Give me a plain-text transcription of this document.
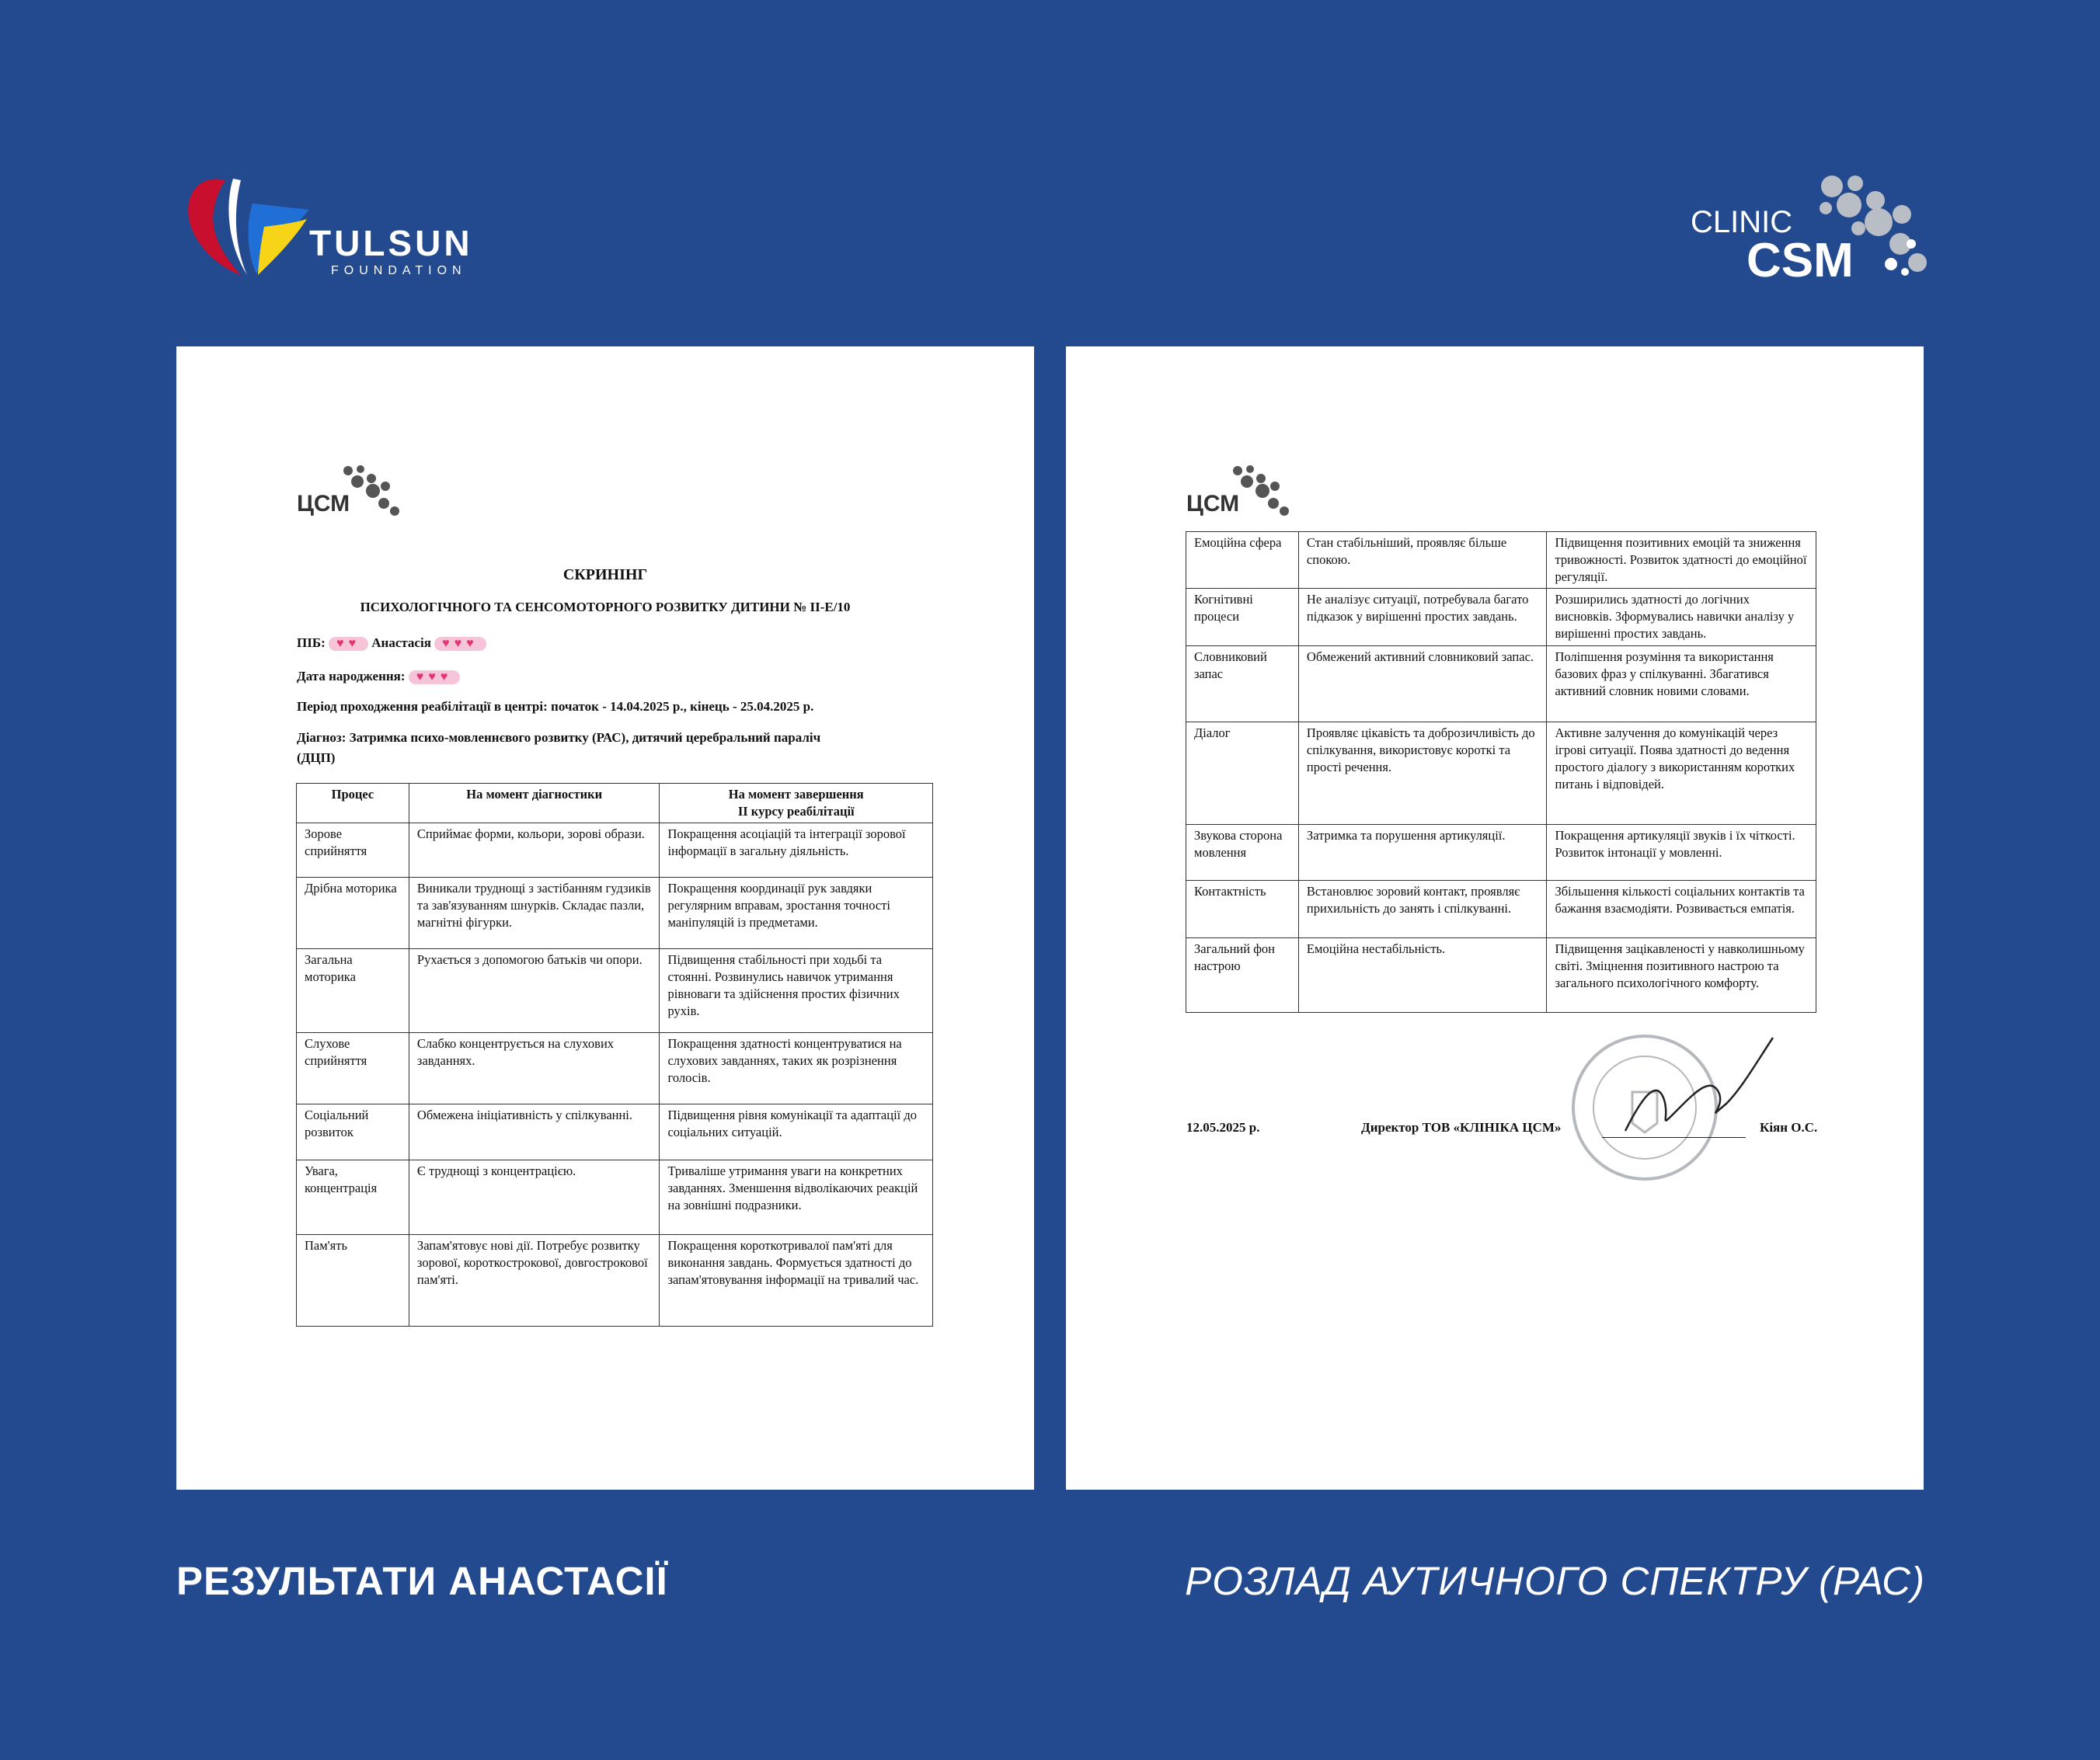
TULSUN
FOUNDATION
CLINIC
CSM
ЦСМ
СКРИНІНГ
ПСИХОЛОГІЧНОГО ТА СЕНСОМОТОРНОГО РОЗВИТКУ ДИТИНИ № ІІ-Е/10
ПІБ: ♥♥ Анастасія ♥♥♥
Дата народження: ♥♥♥
Період проходження реабілітації в центрі: початок - 14.04.2025 р., кінець - 25.04.2025 р.
Діагноз: Затримка психо-мовленнєвого розвитку (РАС), дитячий церебральний параліч
(ДЦП)
Процес	На момент діагностики	На момент завершення
ІІ курсу реабілітації
Зорове сприйняття	Сприймає форми, кольори, зорові образи.	Покращення асоціацій та інтеграції зорової інформації в загальну діяльність.
Дрібна моторика	Виникали труднощі з застібанням гудзиків та зав'язуванням шнурків. Складає пазли, магнітні фігурки.	Покращення координації рук завдяки регулярним вправам, зростання точності маніпуляцій із предметами.
Загальна моторика	Рухається з допомогою батьків чи опори.	Підвищення стабільності при ходьбі та стоянні. Розвинулись навичок утримання рівноваги та здійснення простих фізичних рухів.
Слухове сприйняття	Слабко концентрується на слухових завданнях.	Покращення здатності концентруватися на слухових завданнях, таких як розрізнення голосів.
Соціальний розвиток	Обмежена ініціативність у спілкуванні.	Підвищення рівня комунікації та адаптації до соціальних ситуацій.
Увага, концентрація	Є труднощі з концентрацією.	Триваліше утримання уваги на конкретних завданнях. Зменшення відволікаючих реакцій на зовнішні подразники.
Пам'ять	Запам'ятовує нові дії. Потребує розвитку зорової, короткострокової, довгострокової пам'яті.	Покращення короткотривалої пам'яті для виконання завдань. Формується здатності до запам'ятовування інформації на тривалий час.
ЦСМ
Емоційна сфера	Стан стабільніший, проявляє більше спокою.	Підвищення позитивних емоцій та зниження тривожності. Розвиток здатності до емоційної регуляції.
Когнітивні процеси	Не аналізує ситуації, потребувала багато підказок у вирішенні простих завдань.	Розширились здатності до логічних висновків. Зформувались навички аналізу у вирішенні простих завдань.
Словниковий запас	Обмежений активний словниковий запас.	Поліпшення розуміння та використання базових фраз у спілкуванні. Збагатився активний словник новими словами.
Діалог	Проявляє цікавість та доброзичливість до спілкування, використовує короткі та прості речення.	Активне залучення до комунікацій через ігрові ситуації. Поява здатності до ведення простого діалогу з використанням коротких питань і відповідей.
Звукова сторона мовлення	Затримка та порушення артикуляції.	Покращення артикуляції звуків і їх чіткості. Розвиток інтонації у мовленні.
Контактність	Встановлює зоровий контакт, проявляє прихильність до занять і спілкуванні.	Збільшення кількості соціальних контактів та бажання взаємодіяти. Розвивається емпатія.
Загальний фон настрою	Емоційна нестабільність.	Підвищення зацікавленості у навколишньому світі. Зміцнення позитивного настрою та загального психологічного комфорту.
12.05.2025 р.	Директор ТОВ «КЛІНІКА ЦСМ»	Кіян О.С.
РЕЗУЛЬТАТИ АНАСТАСІЇ	РОЗЛАД АУТИЧНОГО СПЕКТРУ (РАС)
